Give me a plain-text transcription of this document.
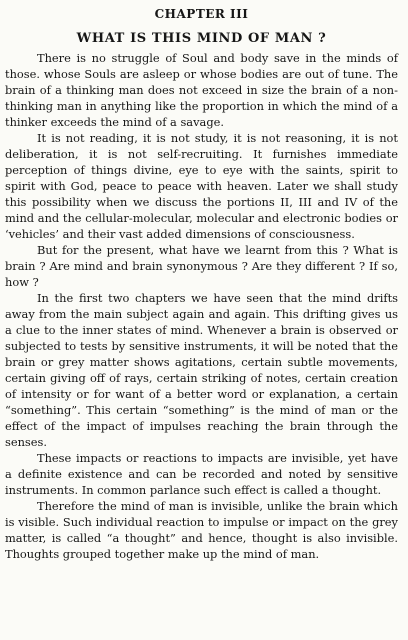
CHAPTER III
WHAT IS THIS MIND OF MAN ?

There is no struggle of Soul and body save in the minds of those. whose Souls are asleep or whose bodies are out of tune. The brain of a thinking man does not exceed in size the brain of a non-thinking man in anything like the proportion in which the mind of a thinker exceeds the mind of a savage.

It is not reading, it is not study, it is not reasoning, it is not deliberation, it is not self-recruiting. It furnishes immediate perception of things divine, eye to eye with the saints, spirit to spirit with God, peace to peace with heaven. Later we shall study this possibility when we discuss the portions II, III and IV of the mind and the cellular-molecular, molecular and electronic bodies or ‘vehicles’ and their vast added dimensions of consciousness.

But for the present, what have we learnt from this ? What is brain ? Are mind and brain synonymous ? Are they different ? If so, how ?

In the first two chapters we have seen that the mind drifts away from the main subject again and again. This drifting gives us a clue to the inner states of mind. Whenever a brain is observed or subjected to tests by sensitive instruments, it will be noted that the brain or grey matter shows agitations, certain subtle movements, certain giving off of rays, certain striking of notes, certain creation of intensity or for want of a better word or explanation, a certain “something”. This certain “something” is the mind of man or the effect of the impact of impulses reaching the brain through the senses.

These impacts or reactions to impacts are invisible, yet have a definite existence and can be recorded and noted by sensitive instruments. In common parlance such effect is called a thought.

Therefore the mind of man is invisible, unlike the brain which is visible. Such individual reaction to impulse or impact on the grey matter, is called “a thought” and hence, thought is also invisible. Thoughts grouped together make up the mind of man.
